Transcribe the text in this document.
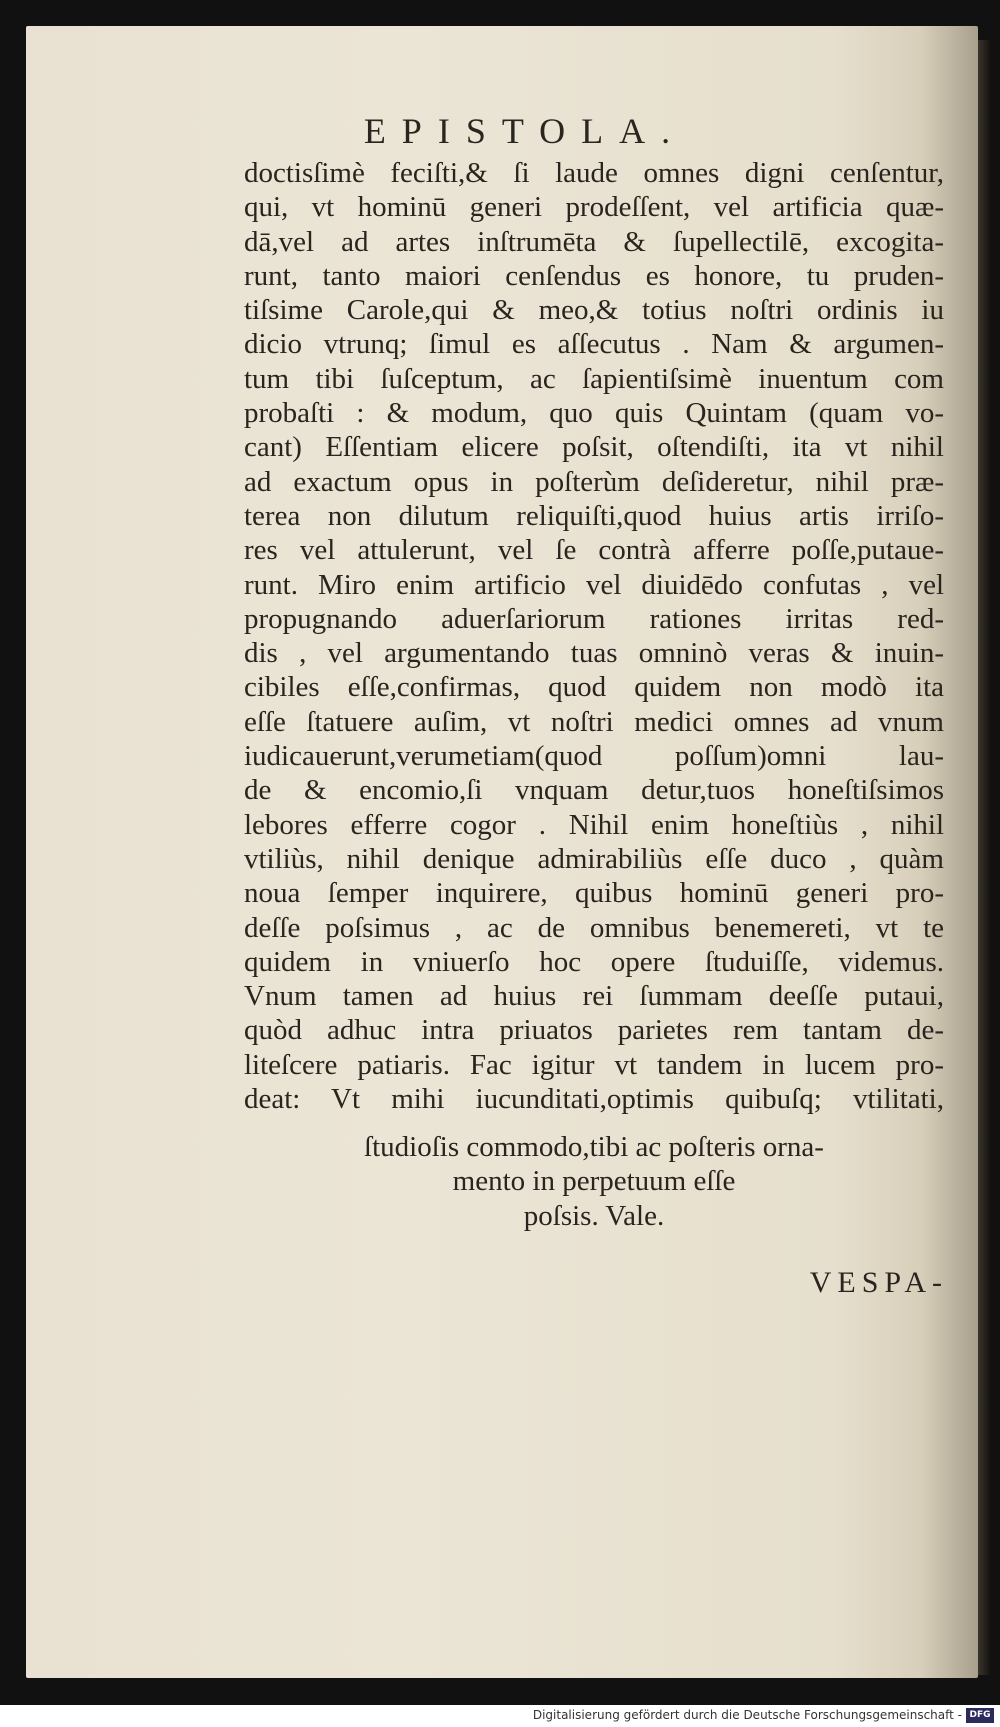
EPISTOLA.
doctisſimè feciſti,& ſi laude omnes digni cenſentur,
qui, vt hominū generi prodeſſent, vel artificia quæ-
dā,vel ad artes inſtrumēta & ſupellectilē, excogita-
runt, tanto maiori cenſendus es honore, tu pruden-
tiſsime Carole,qui & meo,& totius noſtri ordinis iu
dicio vtrunq; ſimul es aſſecutus . Nam & argumen-
tum tibi ſuſceptum, ac ſapientiſsimè inuentum com
probaſti : & modum, quo quis Quintam (quam vo-
cant) Eſſentiam elicere poſsit, oſtendiſti, ita vt nihil
ad exactum opus in poſterùm deſideretur, nihil præ-
terea non dilutum reliquiſti,quod huius artis irriſo-
res vel attulerunt, vel ſe contrà afferre poſſe,putaue-
runt. Miro enim artificio vel diuidēdo confutas , vel
propugnando aduerſariorum rationes irritas red-
dis , vel argumentando tuas omninò veras & inuin-
cibiles eſſe,confirmas, quod quidem non modò ita
eſſe ſtatuere auſim, vt noſtri medici omnes ad vnum
iudicauerunt,verumetiam(quod poſſum)omni lau-
de & encomio,ſi vnquam detur,tuos honeſtiſsimos
lebores efferre cogor . Nihil enim honeſtiùs , nihil
vtiliùs, nihil denique admirabiliùs eſſe duco , quàm
noua ſemper inquirere, quibus hominū generi pro-
deſſe poſsimus , ac de omnibus benemereti, vt te
quidem in vniuerſo hoc opere ſtuduiſſe, videmus.
Vnum tamen ad huius rei ſummam deeſſe putaui,
quòd adhuc intra priuatos parietes rem tantam de-
liteſcere patiaris. Fac igitur vt tandem in lucem pro-
deat: Vt mihi iucunditati,optimis quibuſq; vtilitati,
ſtudioſis commodo,tibi ac poſteris orna-
mento in perpetuum eſſe
poſsis. Vale.
VESPA-
Digitalisierung gefördert durch die Deutsche Forschungsgemeinschaft - DFG
